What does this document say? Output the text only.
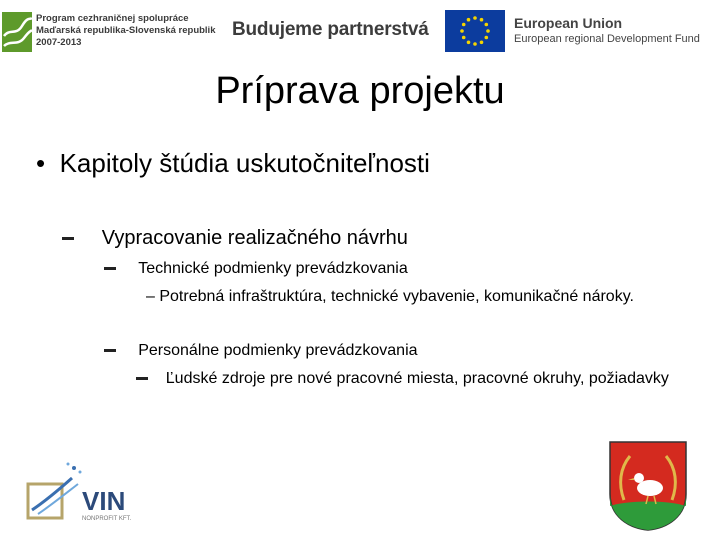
Program cezhraničnej spolupráce
Maďarská republika-Slovenská republik
2007-2013
Budujeme partnerstvá	European Union
European regional Development Fund
Príprava projektu
•  Kapitoly štúdia uskutočniteľnosti
Vypracovanie realizačného návrhu
Technické podmienky prevádzkovania
– Potrebná infraštruktúra, technické vybavenie, komunikačné nároky.
Personálne podmienky prevádzkovania
Ľudské zdroje pre nové pracovné miesta, pracovné okruhy, požiadavky
VIN
NONPROFIT KFT.
